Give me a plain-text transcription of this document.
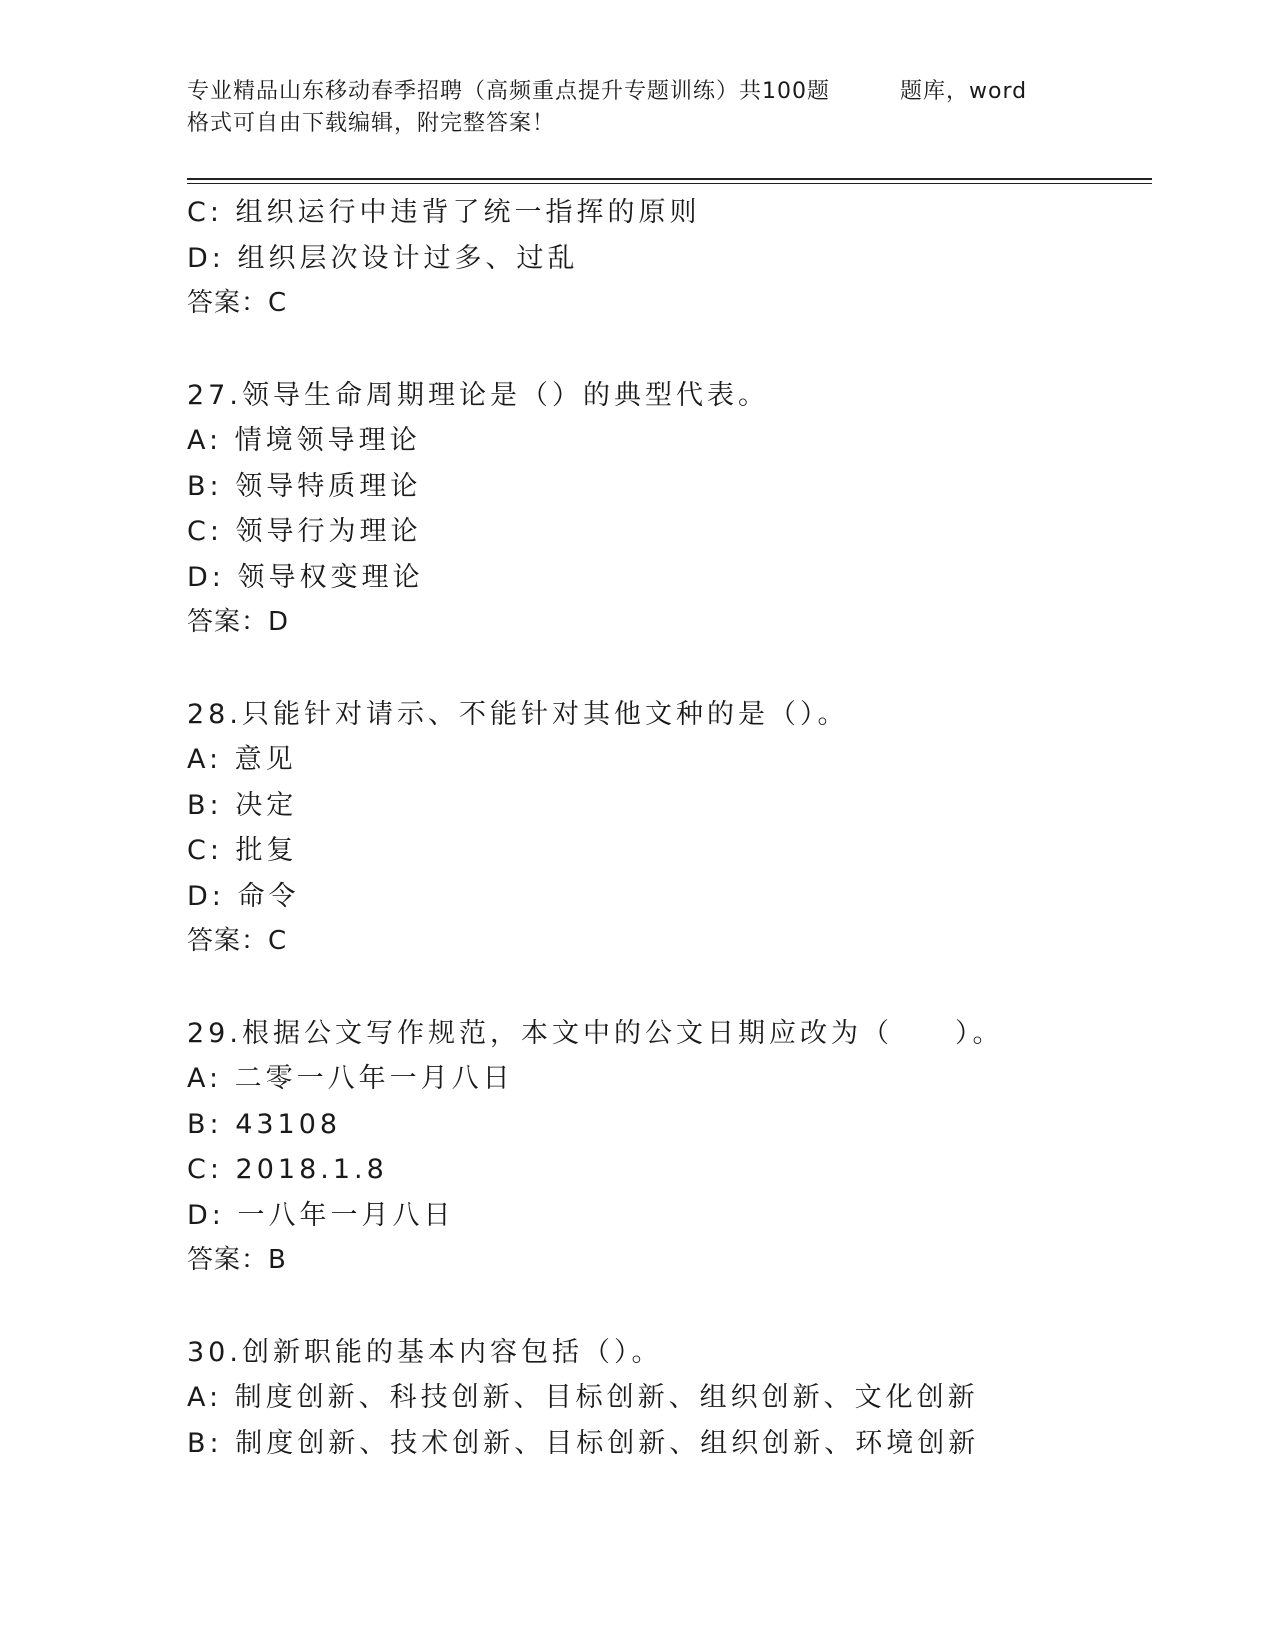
专业精品山东移动春季招聘（高频重点提升专题训练）共100题	题库，word
格式可自由下载编辑，附完整答案！
C: 组织运行中违背了统一指挥的原则
D: 组织层次设计过多、过乱
答案：C
27.领导生命周期理论是（）的典型代表。
A: 情境领导理论
B: 领导特质理论
C: 领导行为理论
D: 领导权变理论
答案：D
28.只能针对请示、不能针对其他文种的是（）。
A: 意见
B: 决定
C: 批复
D: 命令
答案：C
29.根据公文写作规范，本文中的公文日期应改为（　　）。
A: 二零一八年一月八日
B: 43108
C: 2018.1.8
D: 一八年一月八日
答案：B
30.创新职能的基本内容包括（）。
A: 制度创新、科技创新、目标创新、组织创新、文化创新
B: 制度创新、技术创新、目标创新、组织创新、环境创新
